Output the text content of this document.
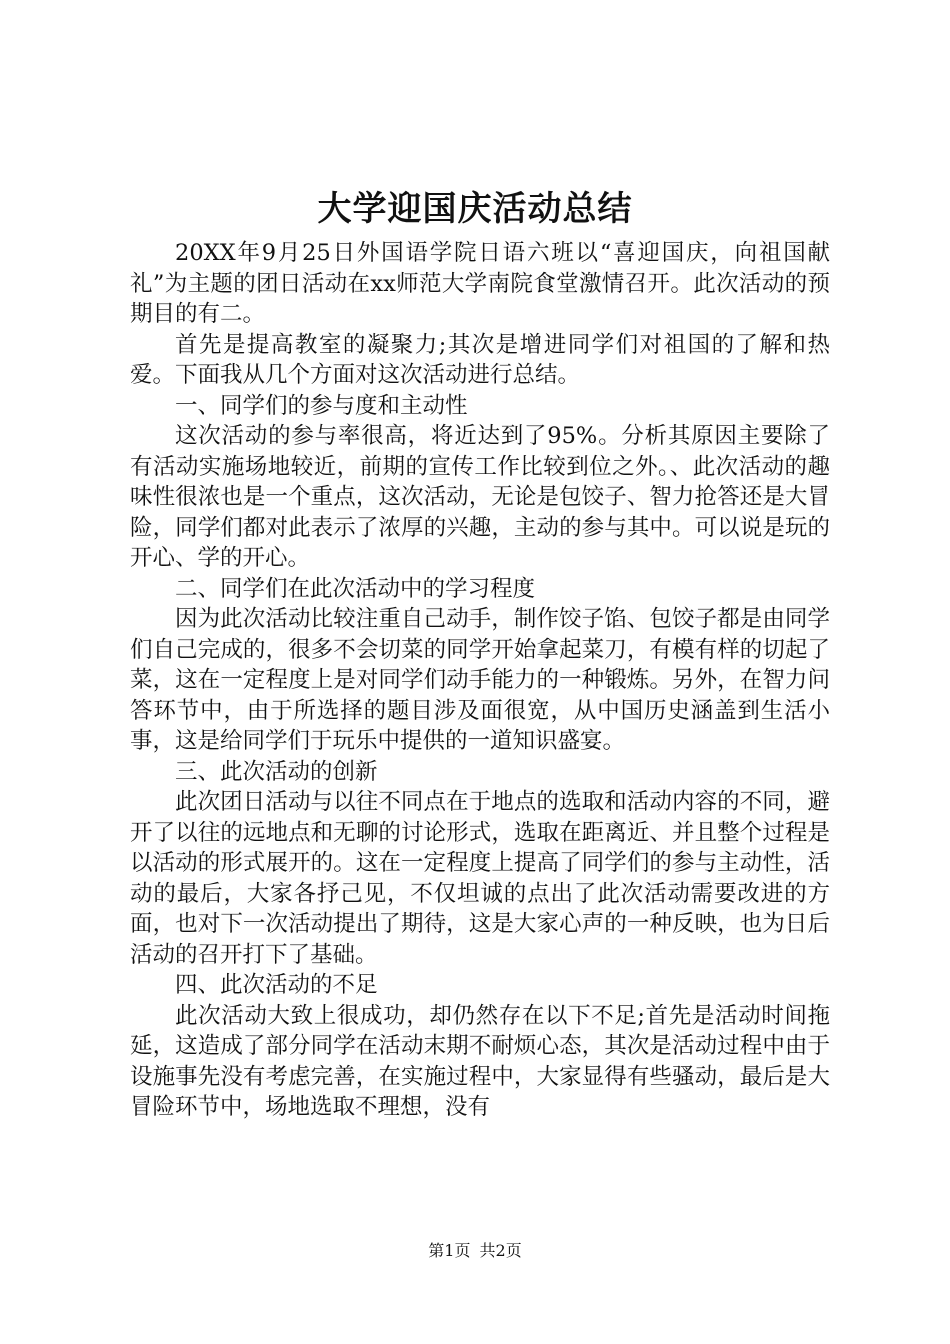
大学迎国庆活动总结

20XX年9月25日外国语学院日语六班以“喜迎国庆，向祖国献礼”为主题的团日活动在xx师范大学南院食堂激情召开。此次活动的预期目的有二。

首先是提高教室的凝聚力;其次是增进同学们对祖国的了解和热爱。下面我从几个方面对这次活动进行总结。

一、同学们的参与度和主动性

这次活动的参与率很高，将近达到了95%。分析其原因主要除了有活动实施场地较近，前期的宣传工作比较到位之外。、此次活动的趣味性很浓也是一个重点，这次活动，无论是包饺子、智力抢答还是大冒险，同学们都对此表示了浓厚的兴趣，主动的参与其中。可以说是玩的开心、学的开心。

二、同学们在此次活动中的学习程度

因为此次活动比较注重自己动手，制作饺子馅、包饺子都是由同学们自己完成的，很多不会切菜的同学开始拿起菜刀，有模有样的切起了菜，这在一定程度上是对同学们动手能力的一种锻炼。另外，在智力问答环节中，由于所选择的题目涉及面很宽，从中国历史涵盖到生活小事，这是给同学们于玩乐中提供的一道知识盛宴。

三、此次活动的创新

此次团日活动与以往不同点在于地点的选取和活动内容的不同，避开了以往的远地点和无聊的讨论形式，选取在距离近、并且整个过程是以活动的形式展开的。这在一定程度上提高了同学们的参与主动性，活动的最后，大家各抒己见，不仅坦诚的点出了此次活动需要改进的方面，也对下一次活动提出了期待，这是大家心声的一种反映，也为日后活动的召开打下了基础。

四、此次活动的不足

此次活动大致上很成功，却仍然存在以下不足;首先是活动时间拖延，这造成了部分同学在活动末期不耐烦心态，其次是活动过程中由于设施事先没有考虑完善，在实施过程中，大家显得有些骚动，最后是大冒险环节中，场地选取不理想，没有

第1页 共2页
